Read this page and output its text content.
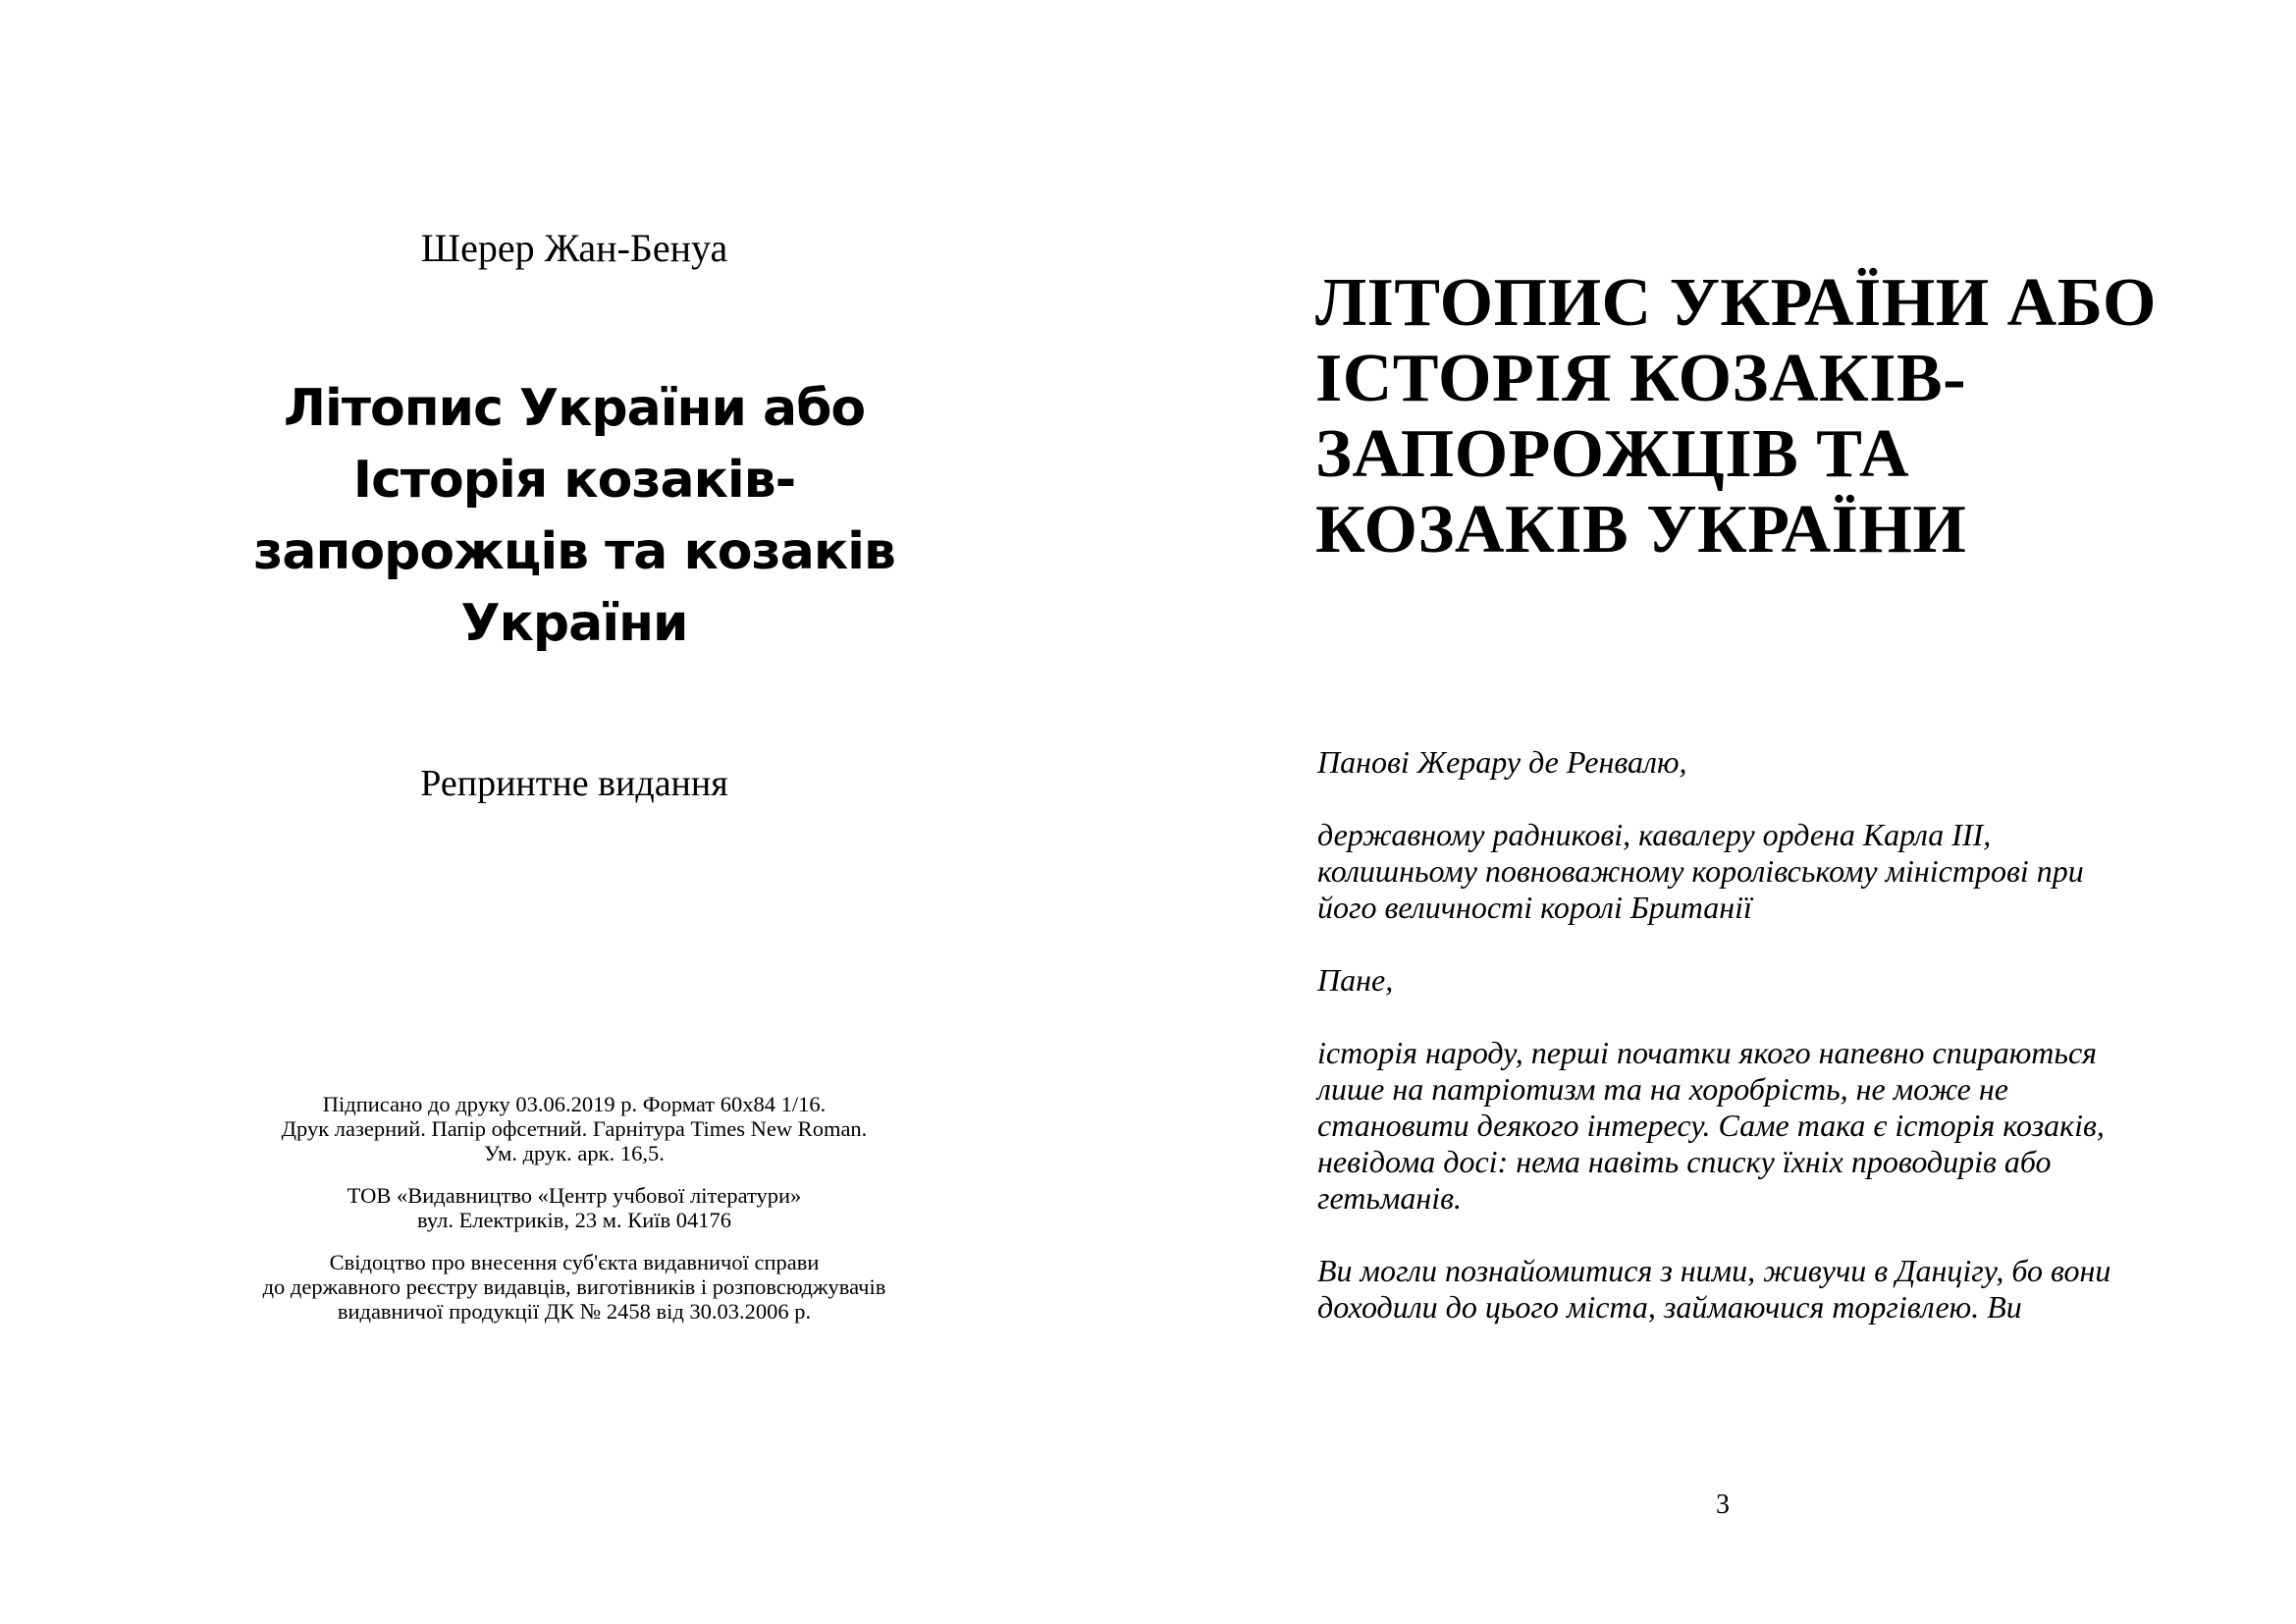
Шерер Жан-Бенуа
Літопис України або
Історія козаків-
запорожців та козаків
України
Репринтне видання

Підписано до друку 03.06.2019 р. Формат 60х84 1/16.
Друк лазерний. Папір офсетний. Гарнітура Times New Roman.
Ум. друк. арк. 16,5.

ТОВ «Видавництво «Центр учбової літератури»
вул. Електриків, 23 м. Київ 04176

Свідоцтво про внесення суб'єкта видавничої справи
до державного реєстру видавців, виготівників і розповсюджувачів
видавничої продукції ДК № 2458 від 30.03.2006 р.

ЛІТОПИС УКРАЇНИ АБО
ІСТОРІЯ КОЗАКІВ-
ЗАПОРОЖЦІВ ТА
КОЗАКІВ УКРАЇНИ

Панові Жерару де Ренвалю,

державному радникові, кавалеру ордена Карла III, колишньому повноважному королівському міністрові при його величності королі Британії

Пане,

історія народу, перші початки якого напевно спираються лише на патріотизм та на хоробрість, не може не становити деякого інтересу. Саме така є історія козаків, невідома досі: нема навіть списку їхніх проводирів або гетьманів.

Ви могли познайомитися з ними, живучи в Данцігу, бо вони доходили до цього міста, займаючися торгівлею. Ви

3
